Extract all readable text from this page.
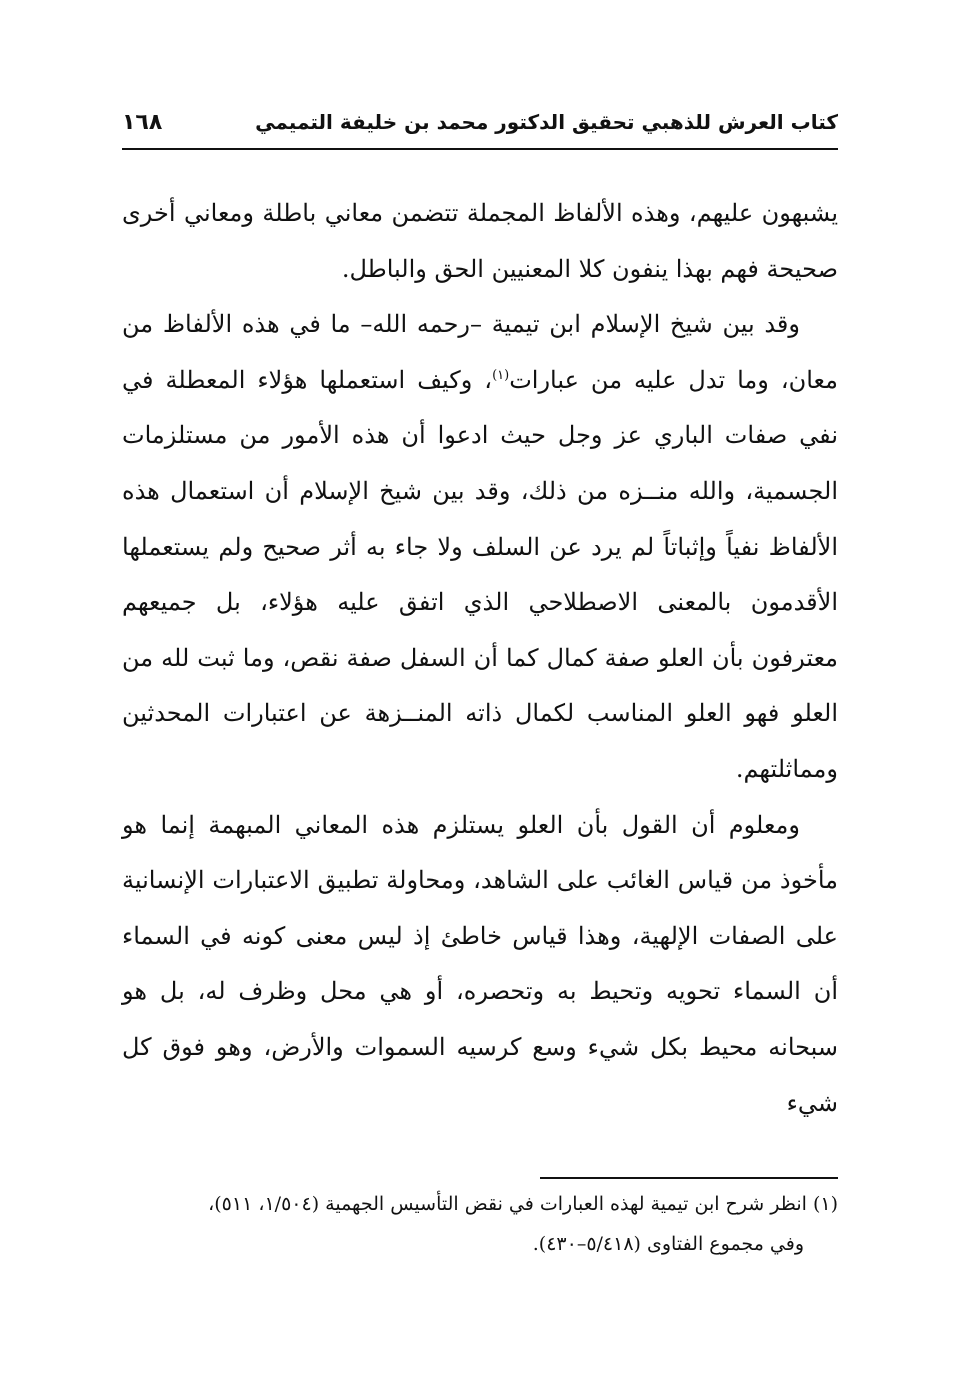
كتاب العرش للذهبي تحقيق الدكتور محمد بن خليفة التميمي
١٦٨

يشبهون عليهم، وهذه الألفاظ المجملة تتضمن معاني باطلة ومعاني أخرى صحيحة فهم بهذا ينفون كلا المعنيين الحق والباطل.

وقد بين شيخ الإسلام ابن تيمية –رحمه الله– ما في هذه الألفاظ من معان، وما تدل عليه من عبارات$^{(١)}$، وكيف استعملها هؤلاء المعطلة في نفي صفات الباري عز وجل حيث ادعوا أن هذه الأمور من مستلزمات الجسمية، والله منــزه من ذلك، وقد بين شيخ الإسلام أن استعمال هذه الألفاظ نفياً وإثباتاً لم يرد عن السلف ولا جاء به أثر صحيح ولم يستعملها الأقدمون بالمعنى الاصطلاحي الذي اتفق عليه هؤلاء، بل جميعهم معترفون بأن العلو صفة كمال كما أن السفل صفة نقص، وما ثبت لله من العلو فهو العلو المناسب لكمال ذاته المنــزهة عن اعتبارات المحدثين ومماثلتهم.

ومعلوم أن القول بأن العلو يستلزم هذه المعاني المبهمة إنما هو مأخوذ من قياس الغائب على الشاهد، ومحاولة تطبيق الاعتبارات الإنسانية على الصفات الإلهية، وهذا قياس خاطئ إذ ليس معنى كونه في السماء أن السماء تحويه وتحيط به وتحصره، أو هي محل وظرف له، بل هو سبحانه محيط بكل شيء وسع كرسيه السموات والأرض، وهو فوق كل شيء

(١) انظر شرح ابن تيمية لهذه العبارات في نقض التأسيس الجهمية (١/٥٠٤، ٥١١)،

وفي مجموع الفتاوى (٥/٤١٨–٤٣٠).
